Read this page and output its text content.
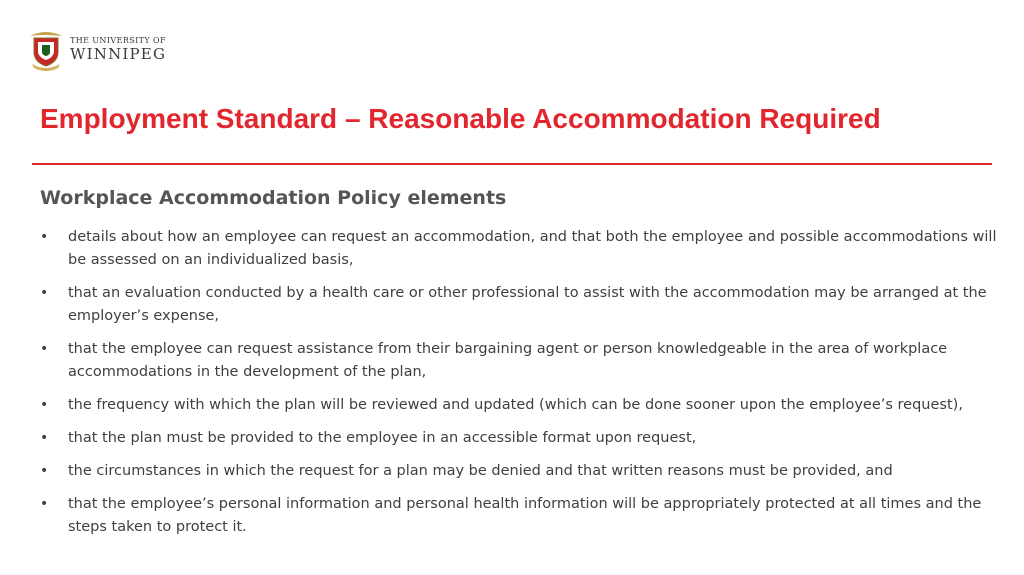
THE UNIVERSITY OF
WINNIPEG
Employment Standard – Reasonable Accommodation Required
Workplace Accommodation Policy elements
• details about how an employee can request an accommodation, and that both the employee and possible accommodations will be assessed on an individualized basis,
• that an evaluation conducted by a health care or other professional to assist with the accommodation may be arranged at the employer’s expense,
• that the employee can request assistance from their bargaining agent or person knowledgeable in the area of workplace accommodations in the development of the plan,
• the frequency with which the plan will be reviewed and updated (which can be done sooner upon the employee’s request),
• that the plan must be provided to the employee in an accessible format upon request,
• the circumstances in which the request for a plan may be denied and that written reasons must be provided, and
• that the employee’s personal information and personal health information will be appropriately protected at all times and the steps taken to protect it.
